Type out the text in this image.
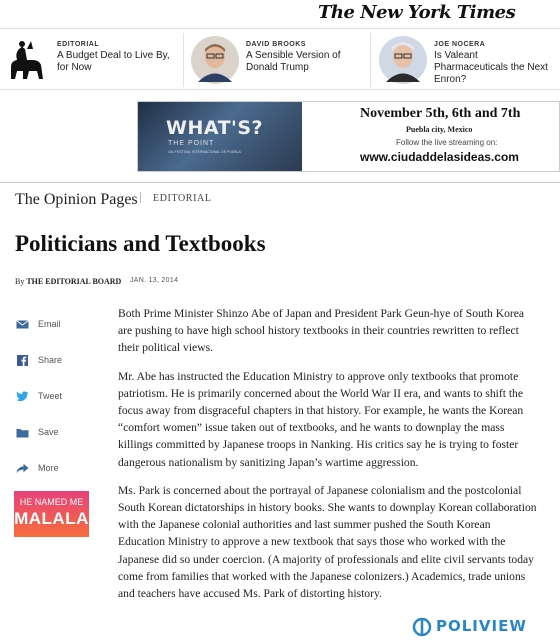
The New York Times
EDITORIAL
A Budget Deal to Live By, for Now
DAVID BROOKS
A Sensible Version of Donald Trump
JOE NOCERA
Is Valeant Pharmaceuticals the Next Enron?
WHAT'S?
THE POINT
10o FESTIVAL INTERNACIONAL DE PUEBLA
November 5th, 6th and 7th
Puebla city, Mexico
Follow the live streaming on:
www.ciudaddelasideas.com
The Opinion Pages EDITORIAL
Politicians and Textbooks
By THE EDITORIAL BOARD JAN. 13, 2014
Email
Share
Tweet
Save
More
HE NAMED ME
MALALA

Both Prime Minister Shinzo Abe of Japan and President Park Geun-hye of South Korea are pushing to have high school history textbooks in their countries rewritten to reflect their political views.

Mr. Abe has instructed the Education Ministry to approve only textbooks that promote patriotism. He is primarily concerned about the World War II era, and wants to shift the focus away from disgraceful chapters in that history. For example, he wants the Korean “comfort women” issue taken out of textbooks, and he wants to downplay the mass killings committed by Japanese troops in Nanking. His critics say he is trying to foster dangerous nationalism by sanitizing Japan’s wartime aggression.

Ms. Park is concerned about the portrayal of Japanese colonialism and the postcolonial South Korean dictatorships in history books. She wants to downplay Korean collaboration with the Japanese colonial authorities and last summer pushed the South Korean Education Ministry to approve a new textbook that says those who worked with the Japanese did so under coercion. (A majority of professionals and elite civil servants today come from families that worked with the Japanese colonizers.) Academics, trade unions and teachers have accused Ms. Park of distorting history.

POLIVIEW
